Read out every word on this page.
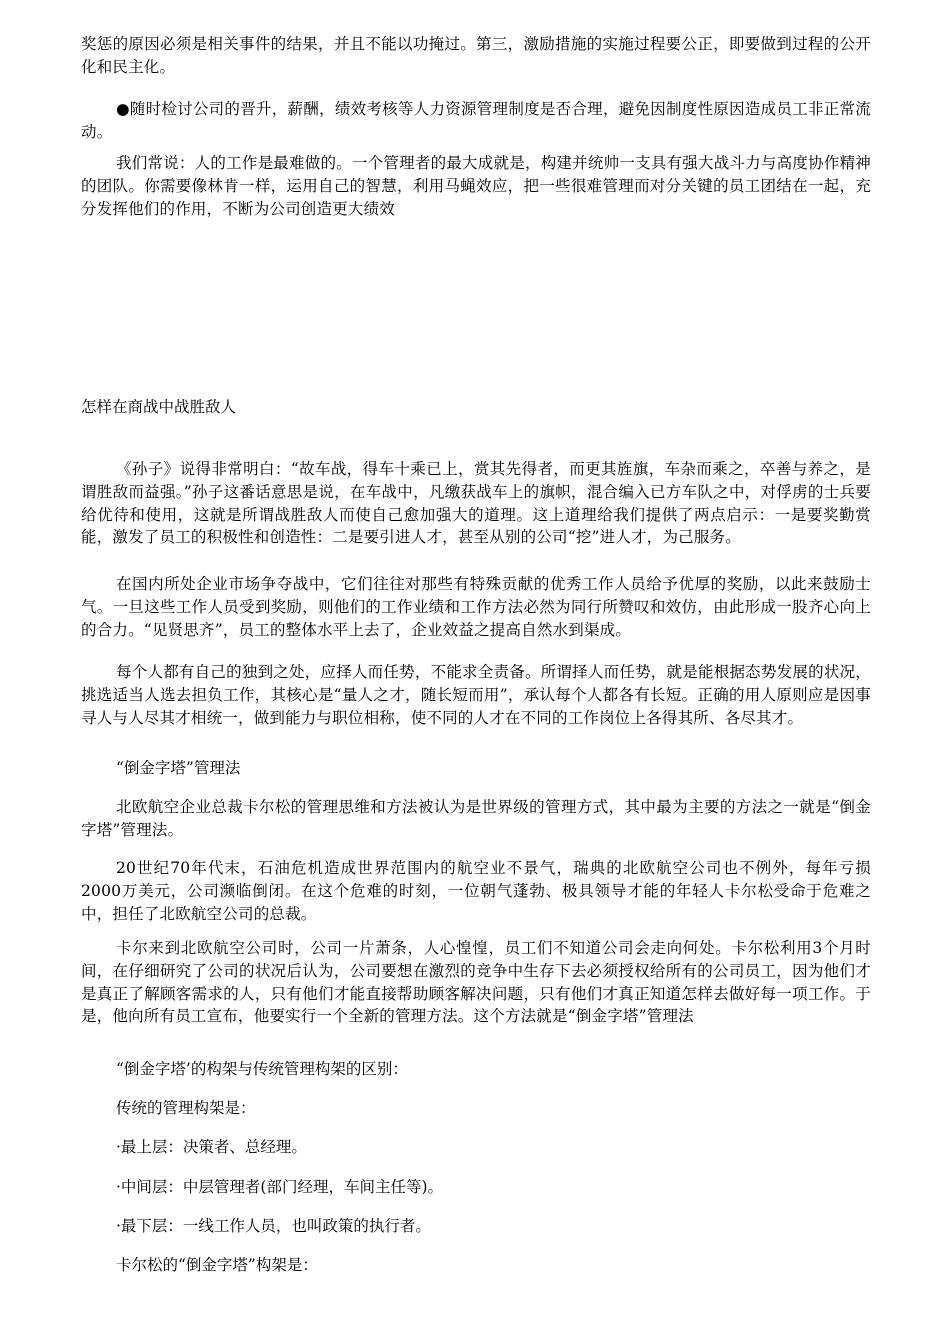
奖惩的原因必须是相关事件的结果，并且不能以功掩过。第三，激励措施的实施过程要公正，即要做到过程的公开化和民主化。

●随时检讨公司的晋升，薪酬，绩效考核等人力资源管理制度是否合理，避免因制度性原因造成员工非正常流动。

我们常说：人的工作是最难做的。一个管理者的最大成就是，构建并统帅一支具有强大战斗力与高度协作精神的团队。你需要像林肯一样，运用自己的智慧，利用马蝇效应，把一些很难管理而对分关键的员工团结在一起，充分发挥他们的作用，不断为公司创造更大绩效

怎样在商战中战胜敌人

《孙子》说得非常明白：“故车战，得车十乘已上，赏其先得者，而更其旌旗，车杂而乘之，卒善与养之，是谓胜敌而益强。”孙子这番话意思是说，在车战中，凡缴获战车上的旗帜，混合编入已方车队之中，对俘虏的士兵要给优待和使用，这就是所谓战胜敌人而使自己愈加强大的道理。这上道理给我们提供了两点启示：一是要奖勤赏能，激发了员工的积极性和创造性：二是要引进人才，甚至从别的公司“挖”进人才，为己服务。

在国内所处企业市场争夺战中，它们往往对那些有特殊贡献的优秀工作人员给予优厚的奖励，以此来鼓励士气。一旦这些工作人员受到奖励，则他们的工作业绩和工作方法必然为同行所赞叹和效仿，由此形成一股齐心向上的合力。“见贤思齐”，员工的整体水平上去了，企业效益之提高自然水到渠成。

每个人都有自己的独到之处，应择人而任势，不能求全责备。所谓择人而任势，就是能根据态势发展的状况，挑选适当人选去担负工作，其核心是“量人之才，随长短而用”，承认每个人都各有长短。正确的用人原则应是因事寻人与人尽其才相统一，做到能力与职位相称，使不同的人才在不同的工作岗位上各得其所、各尽其才。

“倒金字塔”管理法

北欧航空企业总裁卡尔松的管理思维和方法被认为是世界级的管理方式，其中最为主要的方法之一就是“倒金字塔”管理法。

20世纪70年代末，石油危机造成世界范围内的航空业不景气，瑞典的北欧航空公司也不例外，每年亏损2000万美元，公司濒临倒闭。在这个危难的时刻，一位朝气蓬勃、极具领导才能的年轻人卡尔松受命于危难之中，担任了北欧航空公司的总裁。

卡尔来到北欧航空公司时，公司一片萧条，人心惶惶，员工们不知道公司会走向何处。卡尔松利用3个月时间，在仔细研究了公司的状况后认为，公司要想在激烈的竞争中生存下去必须授权给所有的公司员工，因为他们才是真正了解顾客需求的人，只有他们才能直接帮助顾客解决问题，只有他们才真正知道怎样去做好每一项工作。于是，他向所有员工宣布，他要实行一个全新的管理方法。这个方法就是“倒金字塔”管理法

“倒金字塔’的构架与传统管理构架的区别：

传统的管理构架是：

·最上层：决策者、总经理。

·中间层：中层管理者(部门经理，车间主任等)。

·最下层：一线工作人员，也叫政策的执行者。

卡尔松的“倒金字塔”构架是：
